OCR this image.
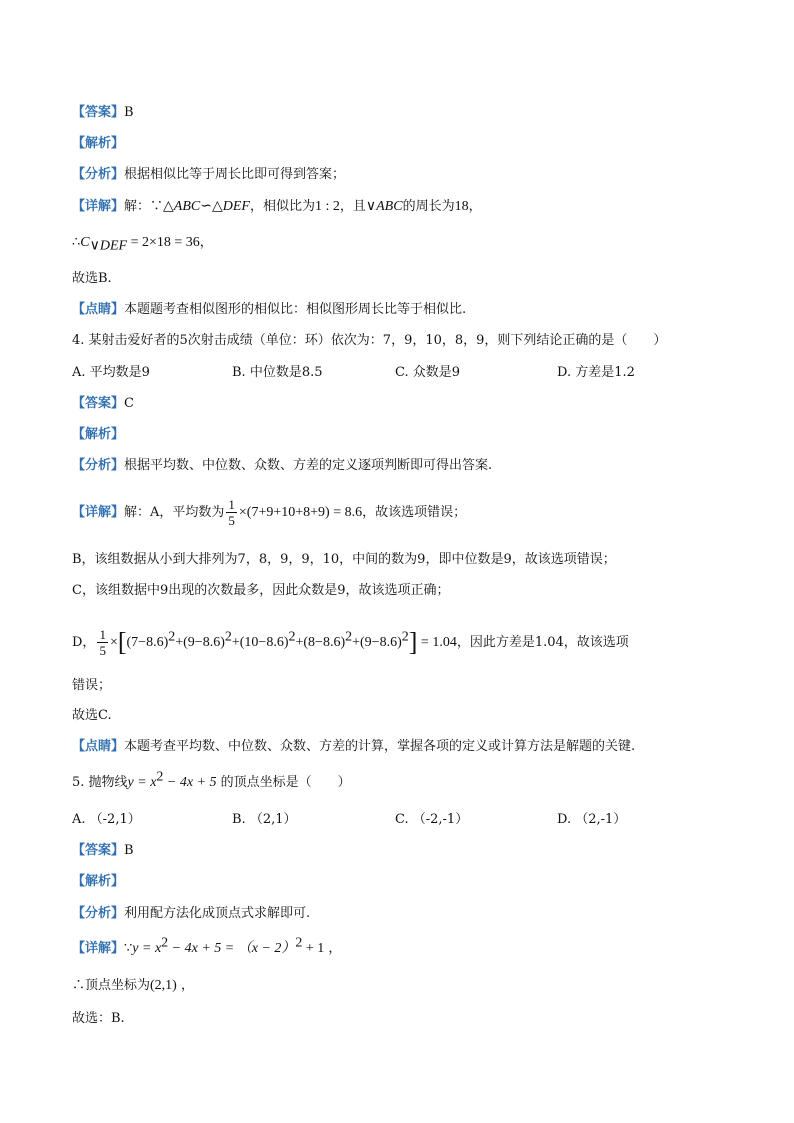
【答案】B
【解析】
【分析】根据相似比等于周长比即可得到答案；
【详解】解：∵△ABC∽△DEF，相似比为1 : 2，且∨ABC的周长为18，
$\therefore C_{\vee DEF} = 2\times 18 = 36$，
故选B.
【点睛】本题题考查相似图形的相似比：相似图形周长比等于相似比.
4. 某射击爱好者的5次射击成绩（单位：环）依次为：7，9，10，8，9，则下列结论正确的是（　　）
A. 平均数是9	B. 中位数是8.5	C. 众数是9	D. 方差是1.2
【答案】C
【解析】
【分析】根据平均数、中位数、众数、方差的定义逐项判断即可得出答案.
【详解】解：A，平均数为 $\frac{1}{5} \times(7+9+10+8+9) = 8.6$，故该选项错误；
B，该组数据从小到大排列为7，8，9，9，10，中间的数为9，即中位数是9，故该选项错误；
C，该组数据中9出现的次数最多，因此众数是9，故该选项正确；
D， $\frac{1}{5} \times[(7-8.6)^2+(9-8.6)^2+(10-8.6)^2+(8-8.6)^2+(9-8.6)^2] = 1.04$，因此方差是1.04，故该选项
错误；
故选C.
【点睛】本题考查平均数、中位数、众数、方差的计算，掌握各项的定义或计算方法是解题的关键.
5. 抛物线$y = x^2 - 4x + 5$ 的顶点坐标是（　　）
A. （-2,1）	B. （2,1）	C. （-2,-1）	D. （2,-1）
【答案】B
【解析】
【分析】利用配方法化成顶点式求解即可.
【详解】∵y = $x^2 - 4x + 5 = (x - 2)^2 + 1$ ，
∴顶点坐标为(2,1) ，
故选：B.
